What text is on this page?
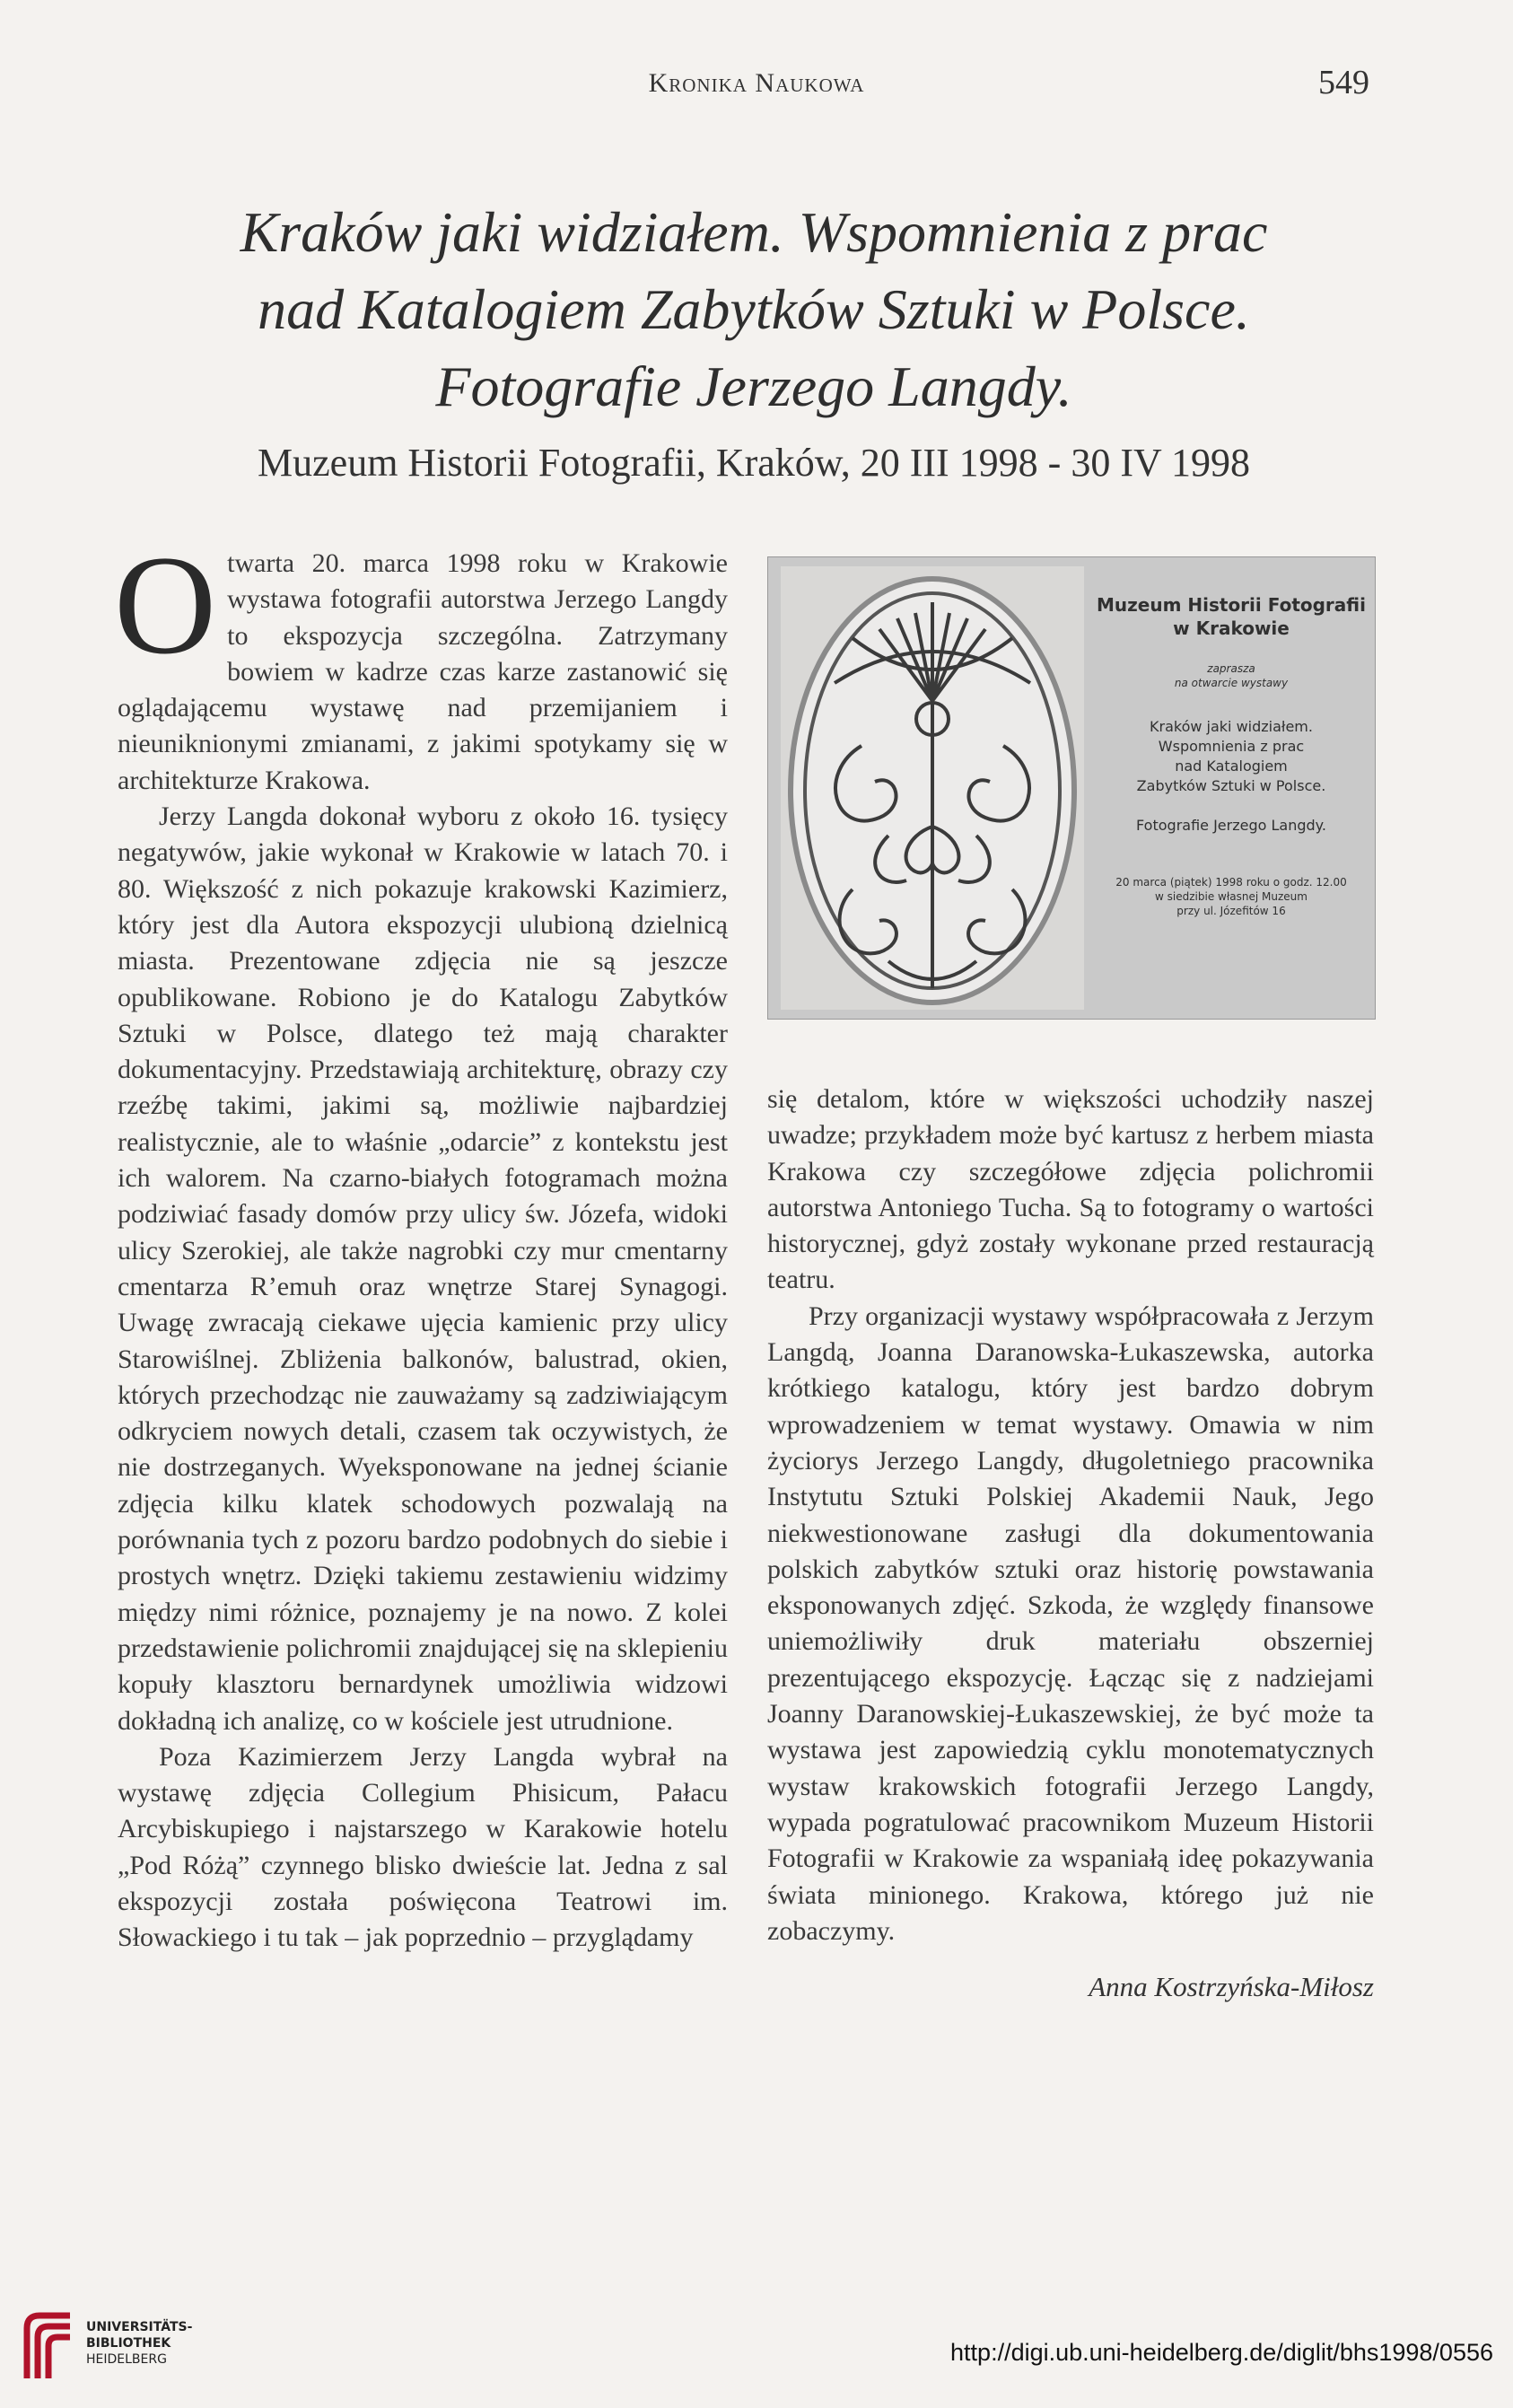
Kronika Naukowa	549
Kraków jaki widziałem. Wspomnienia z prac
nad Katalogiem Zabytków Sztuki w Polsce.
Fotografie Jerzego Langdy.
Muzeum Historii Fotografii, Kraków, 20 III 1998 - 30 IV 1998

Otwarta 20. marca 1998 roku w Krakowie wystawa fotografii autorstwa Jerzego Langdy to ekspozycja szczególna. Zatrzymany bowiem w kadrze czas karze zastanowić się oglądającemu wystawę nad przemijaniem i nieuniknionymi zmianami, z jakimi spotykamy się w architekturze Krakowa.

Jerzy Langda dokonał wyboru z około 16. tysięcy negatywów, jakie wykonał w Krakowie w latach 70. i 80. Większość z nich pokazuje krakowski Kazimierz, który jest dla Autora ekspozycji ulubioną dzielnicą miasta. Prezentowane zdjęcia nie są jeszcze opublikowane. Robiono je do Katalogu Zabytków Sztuki w Polsce, dlatego też mają charakter dokumentacyjny. Przedstawiają architekturę, obrazy czy rzeźbę takimi, jakimi są, możliwie najbardziej realistycznie, ale to właśnie „odarcie” z kontekstu jest ich walorem. Na czarno-białych fotogramach można podziwiać fasady domów przy ulicy św. Józefa, widoki ulicy Szerokiej, ale także nagrobki czy mur cmentarny cmentarza R’emuh oraz wnętrze Starej Synagogi. Uwagę zwracają ciekawe ujęcia kamienic przy ulicy Starowiślnej. Zbliżenia balkonów, balustrad, okien, których przechodząc nie zauważamy są zadziwiającym odkryciem nowych detali, czasem tak oczywistych, że nie dostrzeganych. Wyeksponowane na jednej ścianie zdjęcia kilku klatek schodowych pozwalają na porównania tych z pozoru bardzo podobnych do siebie i prostych wnętrz. Dzięki takiemu zestawieniu widzimy między nimi różnice, poznajemy je na nowo. Z kolei przedstawienie polichromii znajdującej się na sklepieniu kopuły klasztoru bernardynek umożliwia widzowi dokładną ich analizę, co w kościele jest utrudnione.

Poza Kazimierzem Jerzy Langda wybrał na wystawę zdjęcia Collegium Phisicum, Pałacu Arcybiskupiego i najstarszego w Karakowie hotelu „Pod Różą” czynnego blisko dwieście lat. Jedna z sal ekspozycji została poświęcona Teatrowi im. Słowackiego i tu tak – jak poprzednio – przyglądamy

Muzeum Historii Fotografii
w Krakowie
zaprasza
na otwarcie wystawy
Kraków jaki widziałem.
Wspomnienia z prac
nad Katalogiem
Zabytków Sztuki w Polsce.
Fotografie Jerzego Langdy.
20 marca (piątek) 1998 roku o godz. 12.00
w siedzibie własnej Muzeum
przy ul. Józefitów 16

się detalom, które w większości uchodziły naszej uwadze; przykładem może być kartusz z herbem miasta Krakowa czy szczegółowe zdjęcia polichromii autorstwa Antoniego Tucha. Są to fotogramy o wartości historycznej, gdyż zostały wykonane przed restauracją teatru.

Przy organizacji wystawy współpracowała z Jerzym Langdą, Joanna Daranowska-Łukaszewska, autorka krótkiego katalogu, który jest bardzo dobrym wprowadzeniem w temat wystawy. Omawia w nim życiorys Jerzego Langdy, długoletniego pracownika Instytutu Sztuki Polskiej Akademii Nauk, Jego niekwestionowane zasługi dla dokumentowania polskich zabytków sztuki oraz historię powstawania eksponowanych zdjęć. Szkoda, że względy finansowe uniemożliwiły druk materiału obszerniej prezentującego ekspozycję. Łącząc się z nadziejami Joanny Daranowskiej-Łukaszewskiej, że być może ta wystawa jest zapowiedzią cyklu monotematycznych wystaw krakowskich fotografii Jerzego Langdy, wypada pogratulować pracownikom Muzeum Historii Fotografii w Krakowie za wspaniałą ideę pokazywania świata minionego. Krakowa, którego już nie zobaczymy.

Anna Kostrzyńska-Miłosz
UNIVERSITÄTS-
BIBLIOTHEK
HEIDELBERG	http://digi.ub.uni-heidelberg.de/diglit/bhs1998/0556
